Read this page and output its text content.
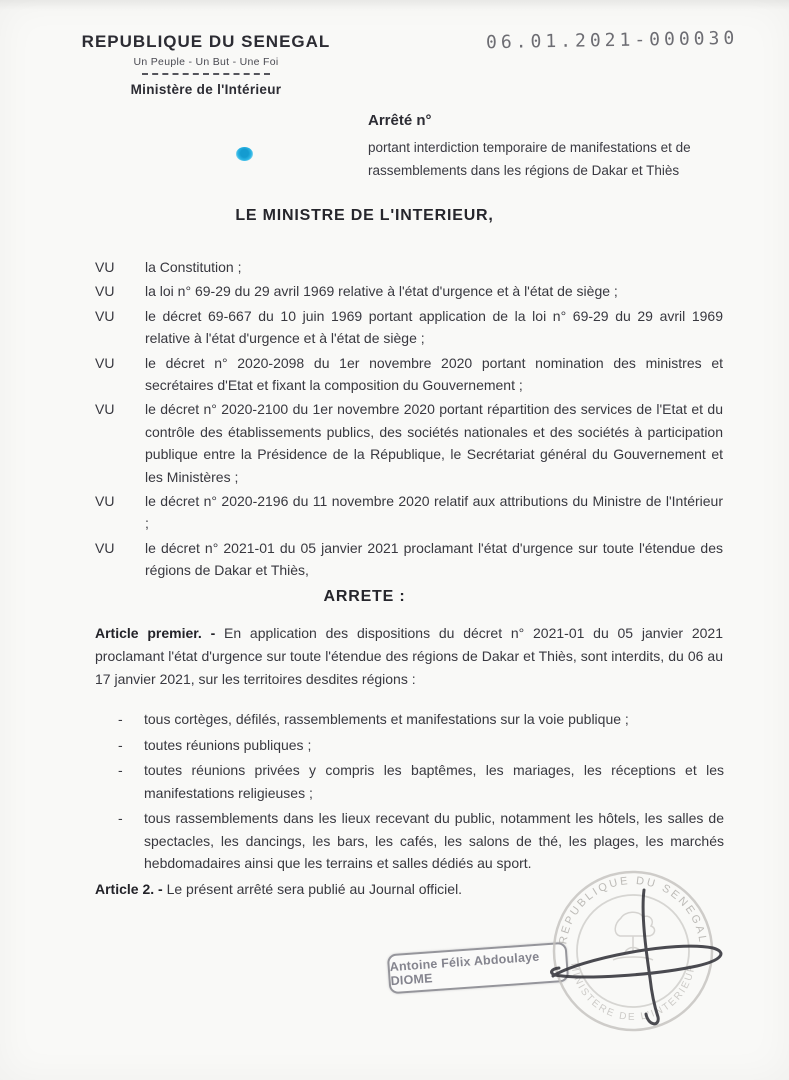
REPUBLIQUE DU SENEGAL
Un Peuple - Un But - Une Foi
Ministère de l'Intérieur
06.01.2021-000030
Arrêté n°
portant interdiction temporaire de manifestations et de rassemblements dans les régions de Dakar et Thiès
LE MINISTRE DE L'INTERIEUR,
VU	la Constitution ;
VU	la loi n° 69-29 du 29 avril 1969 relative à l'état d'urgence et à l'état de siège ;
VU	le décret 69-667 du 10 juin 1969 portant application de la loi n° 69-29 du 29 avril 1969 relative à l'état d'urgence et à l'état de siège ;
VU	le décret n° 2020-2098 du 1er novembre 2020 portant nomination des ministres et secrétaires d'Etat et fixant la composition du Gouvernement ;
VU	le décret n° 2020-2100 du 1er novembre 2020 portant répartition des services de l'Etat et du contrôle des établissements publics, des sociétés nationales et des sociétés à participation publique entre la Présidence de la République, le Secrétariat général du Gouvernement et les Ministères ;
VU	le décret n° 2020-2196 du 11 novembre 2020 relatif aux attributions du Ministre de l'Intérieur ;
VU	le décret n° 2021-01 du 05 janvier 2021 proclamant l'état d'urgence sur toute l'étendue des régions de Dakar et Thiès,
ARRETE :
Article premier. - En application des dispositions du décret n° 2021-01 du 05 janvier 2021 proclamant l'état d'urgence sur toute l'étendue des régions de Dakar et Thiès, sont interdits, du 06 au 17 janvier 2021, sur les territoires desdites régions :
-	tous cortèges, défilés, rassemblements et manifestations sur la voie publique ;
-	toutes réunions publiques ;
-	toutes réunions privées y compris les baptêmes, les mariages, les réceptions et les manifestations religieuses ;
-	tous rassemblements dans les lieux recevant du public, notamment les hôtels, les salles de spectacles, les dancings, les bars, les cafés, les salons de thé, les plages, les marchés hebdomadaires ainsi que les terrains et salles dédiés au sport.
Article 2. - Le présent arrêté sera publié au Journal officiel.
Antoine Félix Abdoulaye DIOME
REPUBLIQUE DU SENEGAL
MINISTERE DE L'INTERIEUR
